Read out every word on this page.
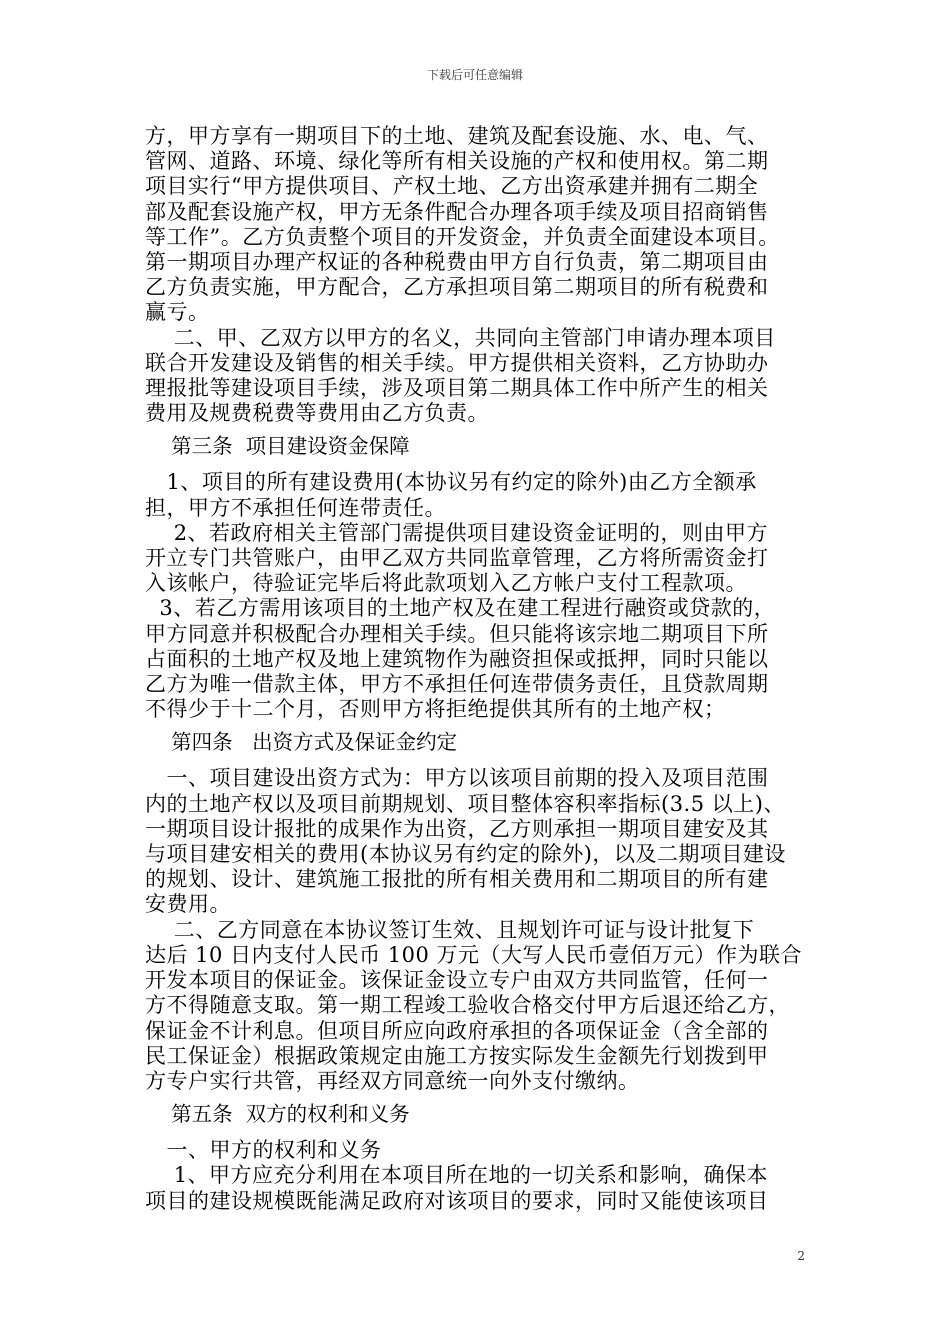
下载后可任意编辑
方，甲方享有一期项目下的土地、建筑及配套设施、水、电、气、
管网、道路、环境、绿化等所有相关设施的产权和使用权。第二期
项目实行“甲方提供项目、产权土地、乙方出资承建并拥有二期全
部及配套设施产权，甲方无条件配合办理各项手续及项目招商销售
等工作”。乙方负责整个项目的开发资金，并负责全面建设本项目。
第一期项目办理产权证的各种税费由甲方自行负责，第二期项目由
乙方负责实施，甲方配合，乙方承担项目第二期项目的所有税费和
赢亏。
二、甲、乙双方以甲方的名义，共同向主管部门申请办理本项目
联合开发建设及销售的相关手续。甲方提供相关资料，乙方协助办
理报批等建设项目手续，涉及项目第二期具体工作中所产生的相关
费用及规费税费等费用由乙方负责。
第三条  项目建设资金保障
1、项目的所有建设费用(本协议另有约定的除外)由乙方全额承
担，甲方不承担任何连带责任。
2、若政府相关主管部门需提供项目建设资金证明的，则由甲方
开立专门共管账户，由甲乙双方共同监章管理，乙方将所需资金打
入该帐户，待验证完毕后将此款项划入乙方帐户支付工程款项。
3、若乙方需用该项目的土地产权及在建工程进行融资或贷款的，
甲方同意并积极配合办理相关手续。但只能将该宗地二期项目下所
占面积的土地产权及地上建筑物作为融资担保或抵押，同时只能以
乙方为唯一借款主体，甲方不承担任何连带债务责任，且贷款周期
不得少于十二个月，否则甲方将拒绝提供其所有的土地产权；
第四条   出资方式及保证金约定
一、项目建设出资方式为：甲方以该项目前期的投入及项目范围
内的土地产权以及项目前期规划、项目整体容积率指标(3.5 以上)、
一期项目设计报批的成果作为出资，乙方则承担一期项目建安及其
与项目建安相关的费用(本协议另有约定的除外)，以及二期项目建设
的规划、设计、建筑施工报批的所有相关费用和二期项目的所有建
安费用。
二、乙方同意在本协议签订生效、且规划许可证与设计批复下
达后 10 日内支付人民币 100 万元（大写人民币壹佰万元）作为联合
开发本项目的保证金。该保证金设立专户由双方共同监管，任何一
方不得随意支取。第一期工程竣工验收合格交付甲方后退还给乙方，
保证金不计利息。但项目所应向政府承担的各项保证金（含全部的
民工保证金）根据政策规定由施工方按实际发生金额先行划拨到甲
方专户实行共管，再经双方同意统一向外支付缴纳。
第五条  双方的权利和义务
一、甲方的权利和义务
1、甲方应充分利用在本项目所在地的一切关系和影响，确保本
项目的建设规模既能满足政府对该项目的要求，同时又能使该项目
2
